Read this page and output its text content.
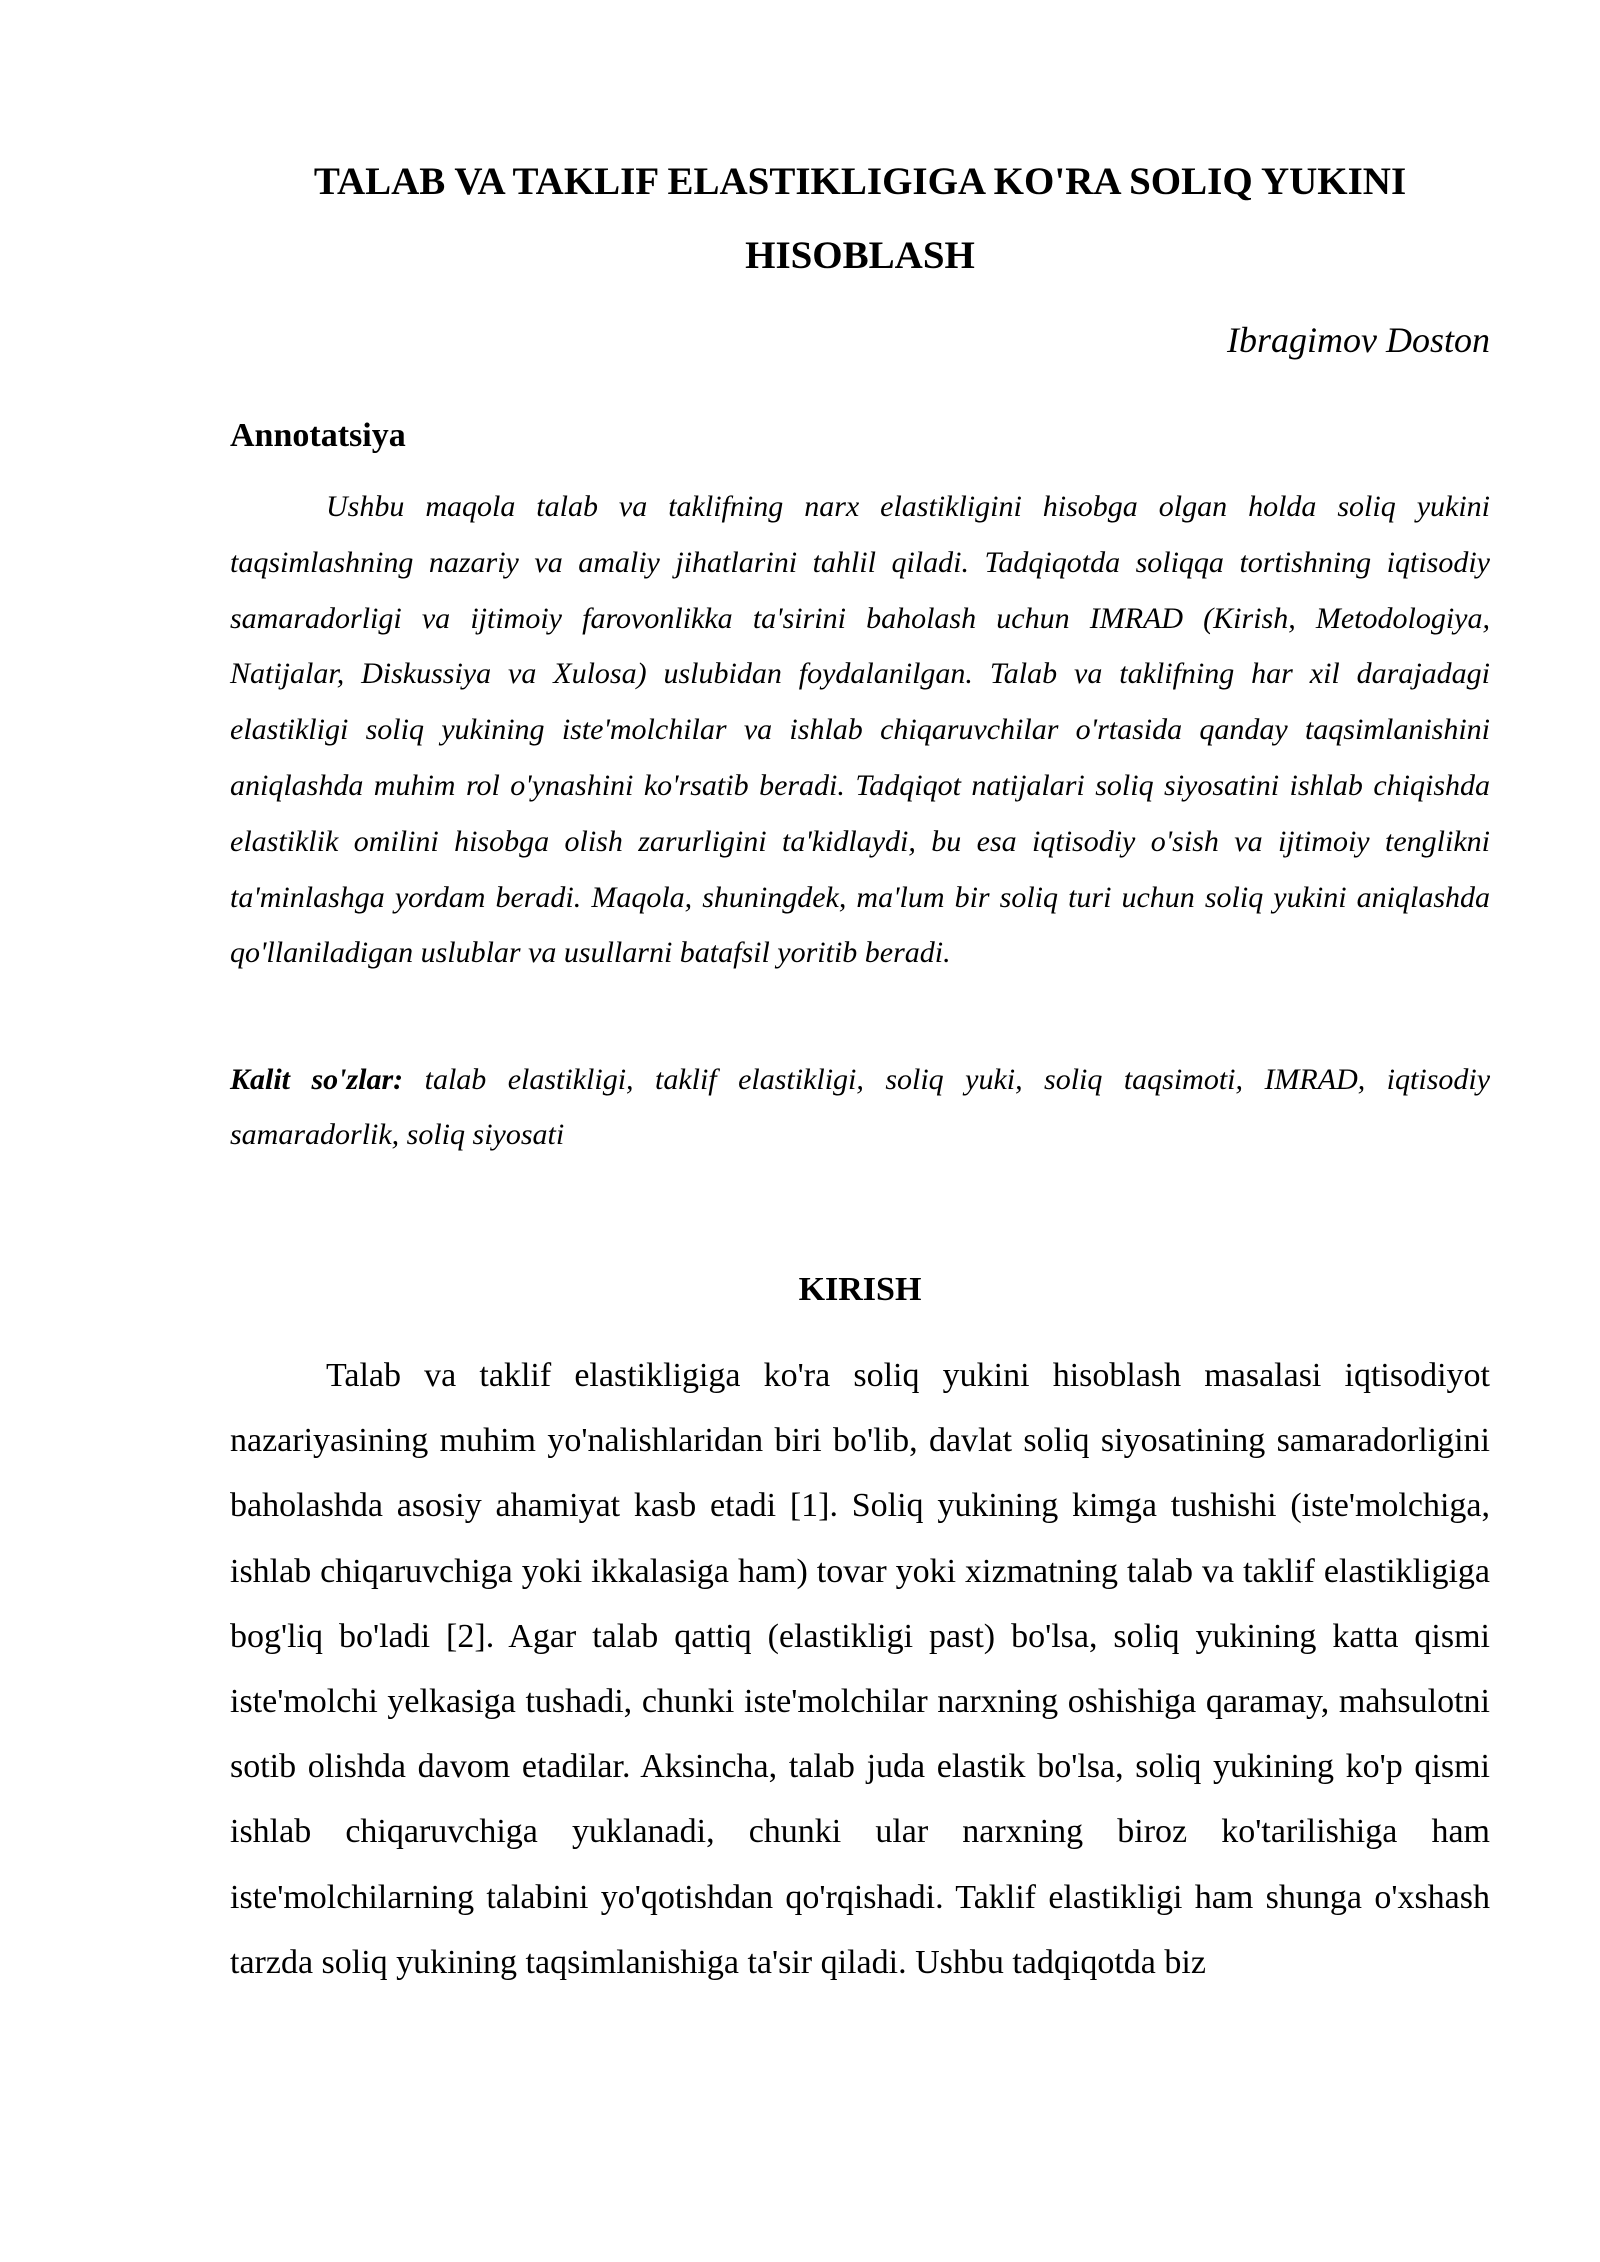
TALAB VA TAKLIF ELASTIKLIGIGA KO'RA SOLIQ YUKINI HISOBLASH
Ibragimov Doston
Annotatsiya

Ushbu maqola talab va taklifning narx elastikligini hisobga olgan holda soliq yukini taqsimlashning nazariy va amaliy jihatlarini tahlil qiladi. Tadqiqotda soliqqa tortishning iqtisodiy samaradorligi va ijtimoiy farovonlikka ta'sirini baholash uchun IMRAD (Kirish, Metodologiya, Natijalar, Diskussiya va Xulosa) uslubidan foydalanilgan. Talab va taklifning har xil darajadagi elastikligi soliq yukining iste'molchilar va ishlab chiqaruvchilar o'rtasida qanday taqsimlanishini aniqlashda muhim rol o'ynashini ko'rsatib beradi. Tadqiqot natijalari soliq siyosatini ishlab chiqishda elastiklik omilini hisobga olish zarurligini ta'kidlaydi, bu esa iqtisodiy o'sish va ijtimoiy tenglikni ta'minlashga yordam beradi. Maqola, shuningdek, ma'lum bir soliq turi uchun soliq yukini aniqlashda qo'llaniladigan uslublar va usullarni batafsil yoritib beradi.

Kalit so'zlar: talab elastikligi, taklif elastikligi, soliq yuki, soliq taqsimoti, IMRAD, iqtisodiy samaradorlik, soliq siyosati

KIRISH

Talab va taklif elastikligiga ko'ra soliq yukini hisoblash masalasi iqtisodiyot nazariyasining muhim yo'nalishlaridan biri bo'lib, davlat soliq siyosatining samaradorligini baholashda asosiy ahamiyat kasb etadi [1]. Soliq yukining kimga tushishi (iste'molchiga, ishlab chiqaruvchiga yoki ikkalasiga ham) tovar yoki xizmatning talab va taklif elastikligiga bog'liq bo'ladi [2]. Agar talab qattiq (elastikligi past) bo'lsa, soliq yukining katta qismi iste'molchi yelkasiga tushadi, chunki iste'molchilar narxning oshishiga qaramay, mahsulotni sotib olishda davom etadilar. Aksincha, talab juda elastik bo'lsa, soliq yukining ko'p qismi ishlab chiqaruvchiga yuklanadi, chunki ular narxning biroz ko'tarilishiga ham iste'molchilarning talabini yo'qotishdan qo'rqishadi. Taklif elastikligi ham shunga o'xshash tarzda soliq yukining taqsimlanishiga ta'sir qiladi. Ushbu tadqiqotda biz
